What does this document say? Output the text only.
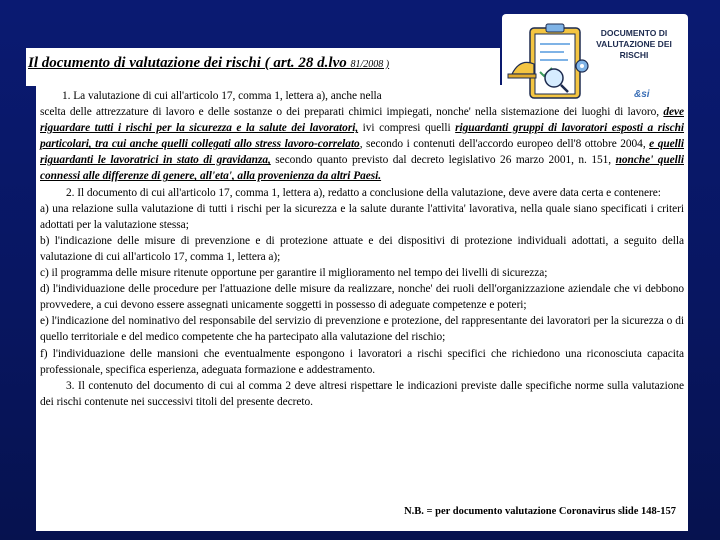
Il documento di valutazione dei rischi ( art. 28 d.lvo 81/2008 )
DOCUMENTO DI
VALUTAZIONE DEI
RISCHI
&si

1. La valutazione di cui all'articolo 17, comma 1, lettera a), anche nella
scelta delle attrezzature di lavoro e delle sostanze o dei preparati chimici impiegati, nonche' nella sistemazione dei luoghi di lavoro, deve riguardare tutti i rischi per la sicurezza e la salute dei lavoratori, ivi compresi quelli riguardanti gruppi di lavoratori esposti a rischi particolari, tra cui anche quelli collegati allo stress lavoro-correlato, secondo i contenuti dell'accordo europeo dell'8 ottobre 2004, e quelli riguardanti le lavoratrici in stato di gravidanza, secondo quanto previsto dal decreto legislativo 26 marzo 2001, n. 151, nonche' quelli connessi alle differenze di genere, all'eta', alla provenienza da altri Paesi.

2. Il documento di cui all'articolo 17, comma 1, lettera a), redatto a conclusione della valutazione, deve avere data certa e contenere:

a) una relazione sulla valutazione di tutti i rischi per la sicurezza e la salute durante l'attivita' lavorativa, nella quale siano specificati i criteri adottati per la valutazione stessa;

b) l'indicazione delle misure di prevenzione e di protezione attuate e dei dispositivi di protezione individuali adottati, a seguito della valutazione di cui all'articolo 17, comma 1, lettera a);

c) il programma delle misure ritenute opportune per garantire il miglioramento nel tempo dei livelli di sicurezza;

d) l'individuazione delle procedure per l'attuazione delle misure da realizzare, nonche' dei ruoli dell'organizzazione aziendale che vi debbono provvedere, a cui devono essere assegnati unicamente soggetti in possesso di adeguate competenze e poteri;

e) l'indicazione del nominativo del responsabile del servizio di prevenzione e protezione, del rappresentante dei lavoratori per la sicurezza o di quello territoriale e del medico competente che ha partecipato alla valutazione del rischio;

f) l'individuazione delle mansioni che eventualmente espongono i lavoratori a rischi specifici che richiedono una riconosciuta capacita professionale, specifica esperienza, adeguata formazione e addestramento.

3. Il contenuto del documento di cui al comma 2 deve altresi rispettare le indicazioni previste dalle specifiche norme sulla valutazione dei rischi contenute nei successivi titoli del presente decreto.

N.B. = per documento valutazione Coronavirus slide 148-157
